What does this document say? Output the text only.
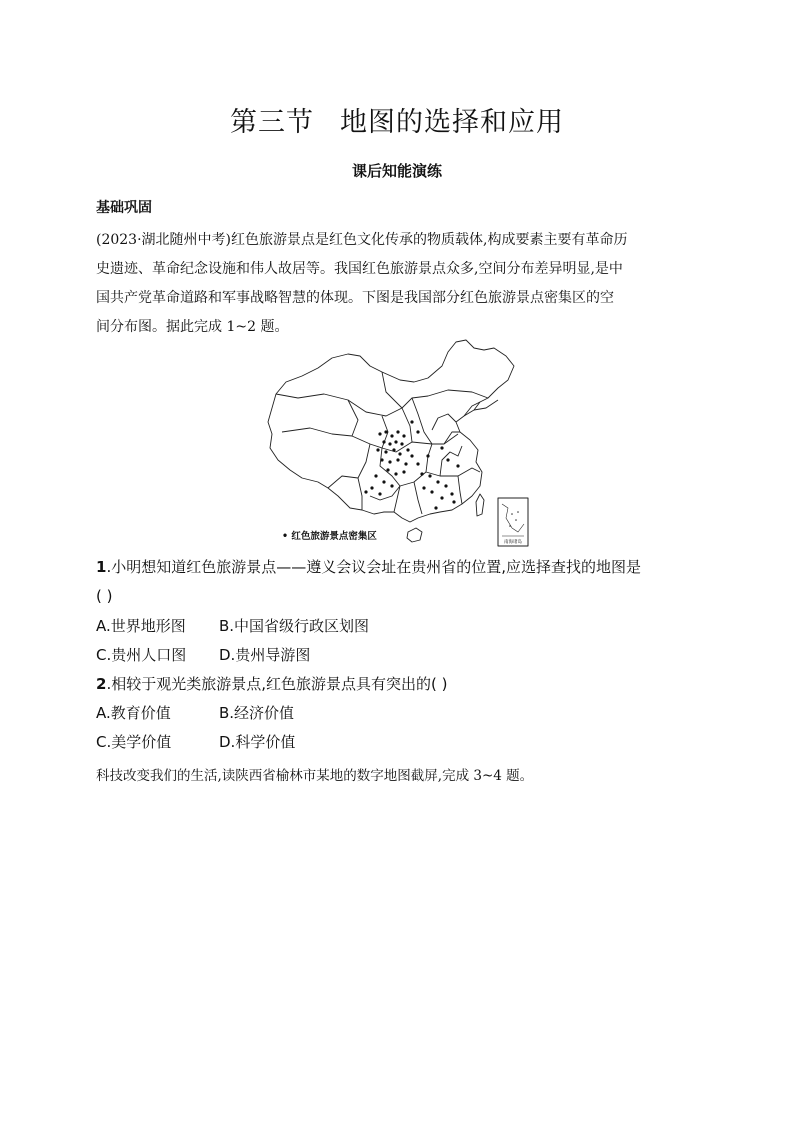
第三节 地图的选择和应用
课后知能演练
基础巩固
(2023·湖北随州中考)红色旅游景点是红色文化传承的物质载体,构成要素主要有革命历
史遗迹、革命纪念设施和伟人故居等。我国红色旅游景点众多,空间分布差异明显,是中
国共产党革命道路和军事战略智慧的体现。下图是我国部分红色旅游景点密集区的空
间分布图。据此完成 1~2 题。
南海诸岛
• 红色旅游景点密集区
1.小明想知道红色旅游景点——遵义会议会址在贵州省的位置,应选择查找的地图是
( )
A.世界地形图 B.中国省级行政区划图
C.贵州人口图 D.贵州导游图
2.相较于观光类旅游景点,红色旅游景点具有突出的( )
A.教育价值	B.经济价值
C.美学价值	D.科学价值
科技改变我们的生活,读陕西省榆林市某地的数字地图截屏,完成 3~4 题。
